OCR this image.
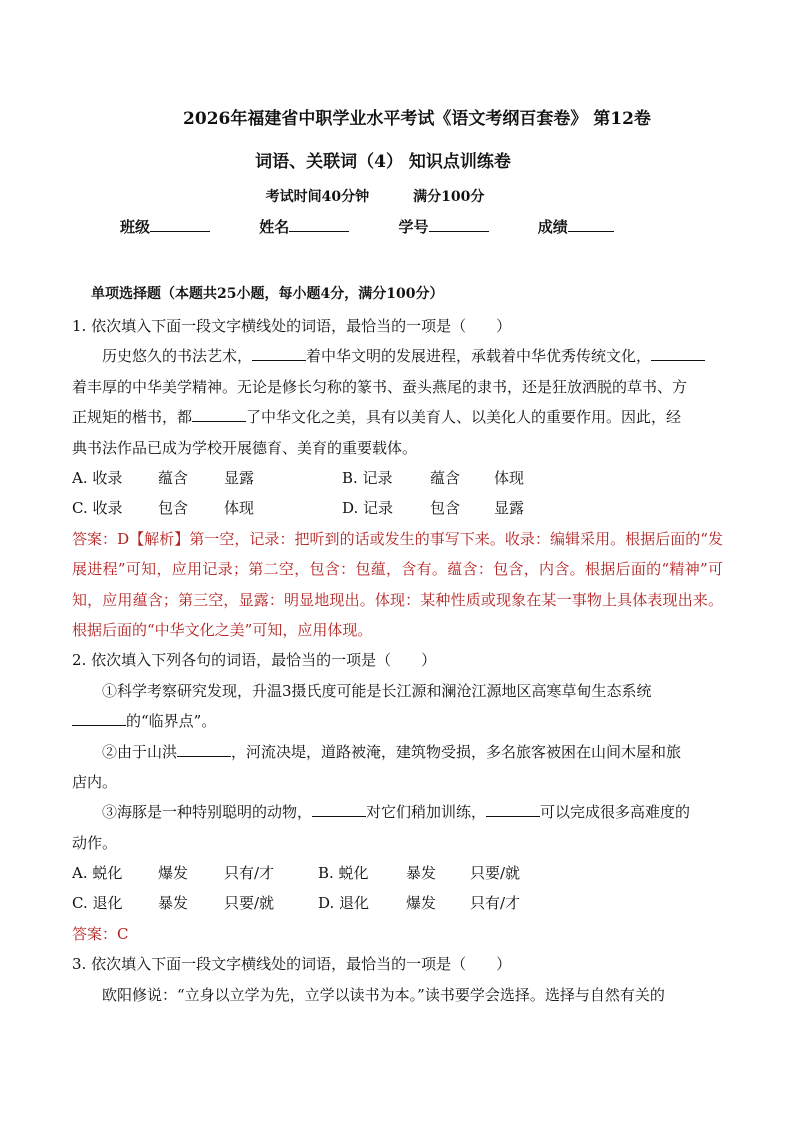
2026年福建省中职学业水平考试《语文考纲百套卷》 第12卷
词语、关联词（4） 知识点训练卷
考试时间40分钟	满分100分
班级	姓名	学号	成绩
单项选择题（本题共25小题，每小题4分，满分100分）
1. 依次填入下面一段文字横线处的词语，最恰当的一项是（　　）
历史悠久的书法艺术，	着中华文明的发展进程，承载着中华优秀传统文化，
着丰厚的中华美学精神。无论是修长匀称的篆书、蚕头燕尾的隶书，还是狂放洒脱的草书、方
正规矩的楷书，都	了中华文化之美，具有以美育人、以美化人的重要作用。因此，经
典书法作品已成为学校开展德育、美育的重要载体。
A. 收录 蕴含 显露	B. 记录 蕴含 体现
C. 收录 包含 体现	D. 记录 包含 显露
答案：D【解析】第一空，记录：把听到的话或发生的事写下来。收录：编辑采用。根据后面的“发展进程”可知，应用记录；第二空，包含：包蕴，含有。蕴含：包含，内含。根据后面的“精神”可知，应用蕴含；第三空，显露：明显地现出。体现：某种性质或现象在某一事物上具体表现出来。根据后面的“中华文化之美”可知，应用体现。
2. 依次填入下列各句的词语，最恰当的一项是（　　）
①科学考察研究发现，升温3摄氏度可能是长江源和澜沧江源地区高寒草甸生态系统
的“临界点”。
②由于山洪	，河流决堤，道路被淹，建筑物受损，多名旅客被困在山间木屋和旅
店内。
③海豚是一种特别聪明的动物，	对它们稍加训练，	可以完成很多高难度的
动作。
A. 蜕化 爆发 只有/才	B. 蜕化 暴发 只要/就
C. 退化 暴发 只要/就	D. 退化 爆发 只有/才
答案：C
3. 依次填入下面一段文字横线处的词语，最恰当的一项是（　　）
欧阳修说：“立身以立学为先，立学以读书为本。”读书要学会选择。选择与自然有关的
